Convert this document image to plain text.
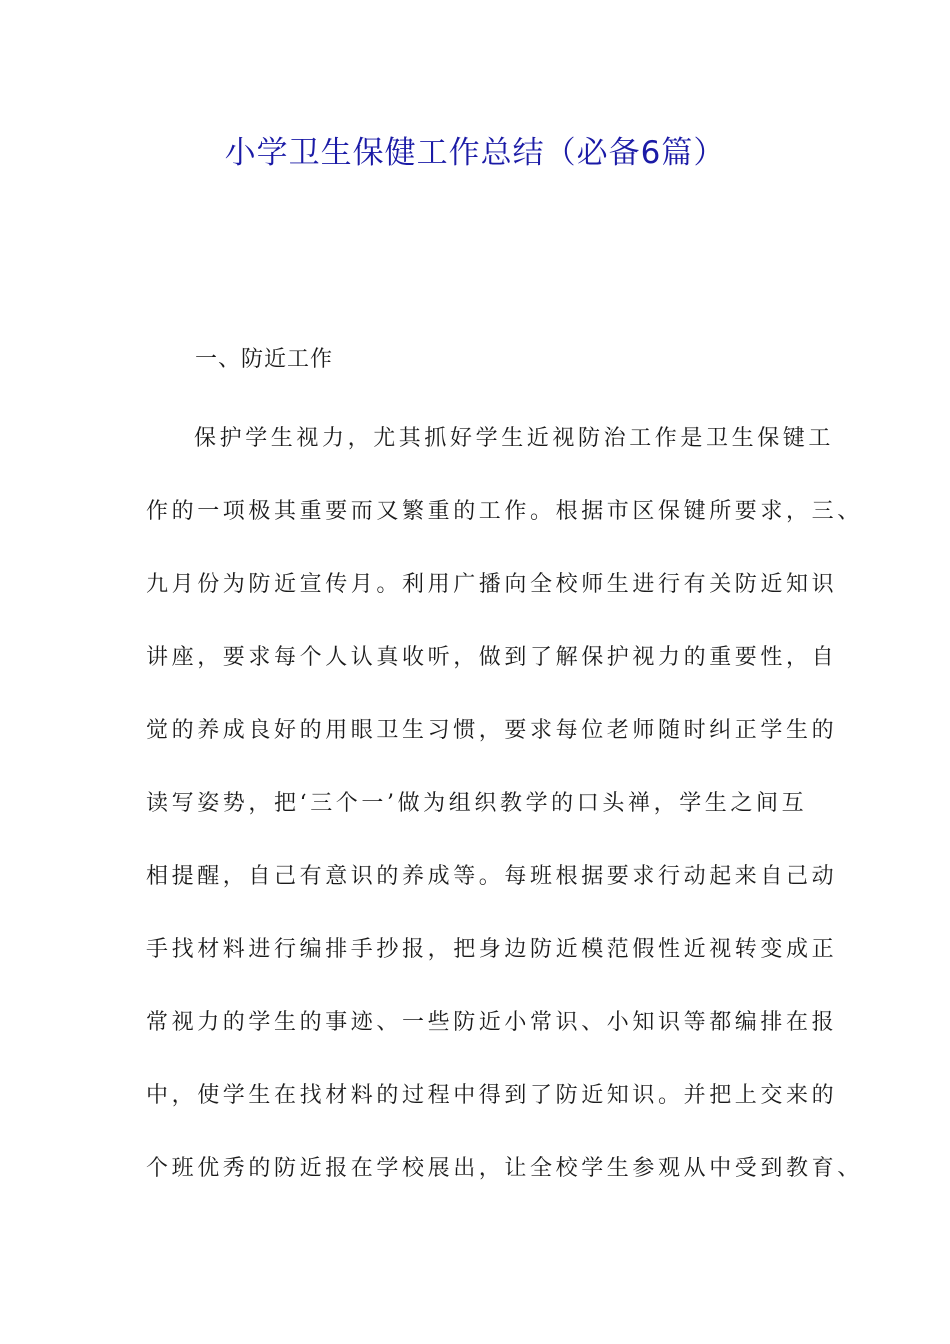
小学卫生保健工作总结（必备6篇）
一、防近工作
保护学生视力，尤其抓好学生近视防治工作是卫生保键工
作的一项极其重要而又繁重的工作。根据市区保键所要求，三、
九月份为防近宣传月。利用广播向全校师生进行有关防近知识
讲座，要求每个人认真收听，做到了解保护视力的重要性，自
觉的养成良好的用眼卫生习惯，要求每位老师随时纠正学生的
读写姿势，把‘三个一’做为组织教学的口头禅，学生之间互
相提醒，自己有意识的养成等。每班根据要求行动起来自己动
手找材料进行编排手抄报，把身边防近模范假性近视转变成正
常视力的学生的事迹、一些防近小常识、小知识等都编排在报
中，使学生在找材料的过程中得到了防近知识。并把上交来的
个班优秀的防近报在学校展出，让全校学生参观从中受到教育、
